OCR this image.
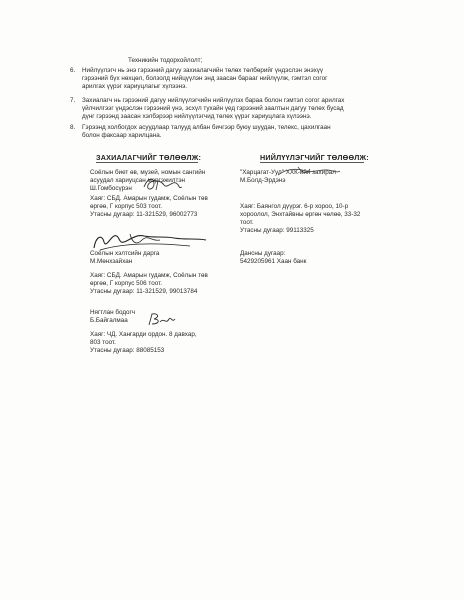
Техникийн тодорхойлолт;
6. Нийлүүлэгч нь энэ гэрээний дагуу захиалагчийн төлөх төлбөрийг үндэслэн энэхүү
гэрээний бүх нөхцөл, болзолд нийцүүлэн энд заасан барааг нийлүүлж, гэмтэл согог
арилгах үүрэг хариуцлагыг хүлээнэ.
7. Захиалагч нь гэрээний дагуу нийлүүлэгчийн нийлүүлэх бараа болон гэмтэл согог арилгах
үйлчилгээг үндэслэн гэрээний үнэ, эсхүл тухайн үед гэрээний заалтын дагуу төлөх бусад
дүнг гэрээнд заасан хэлбэрээр нийлүүлэгчид төлөх үүрэг хариуцлага хүлээнэ.
8. Гэрээнд холбогдох асуудлаар талууд албан бичгээр буюу шуудан, телекс, цахилгаан
болон факсаар харилцана.
ЗАХИАЛАГЧИЙГ ТӨЛӨӨЛЖ:	НИЙЛҮҮЛЭГЧИЙГ ТӨЛӨӨЛЖ:
Соёлын биет өв, музей, номын сангийн
асуудал хариуцсан мэргэжилтэн
Ш.Гомбосүрэн
Хаяг: СБД. Амарын гудамж, Соёлын төв
өргөө, Г корпус 503 тоот.
Утасны дугаар: 11-321529, 96002773
"Харцагат-Уул" ХХК-ийн захирал
М.Болд-Эрдэнэ
Хаяг: Баянгол дүүрэг. 6-р хороо, 10-р
хороолол, Энхтайвны өргөн чөлөө, 33-32
тоот.
Утасны дугаар: 99113325
Дансны дугаар:
5429205961 Хаан банк
Соёлын хэлтсийн дарга
М.Мөнхзайхан
Хаяг: СБД. Амарын гудамж, Соёлын төв
өргөө, Г корпус 506 тоот.
Утасны дугаар: 11-321529, 99013784
Нягтлан бодогч
Б.Байгалмаа
Хаяг: ЧД. Хангарди ордон. 8 давхар,
803 тоот.
Утасны дугаар: 88085153
